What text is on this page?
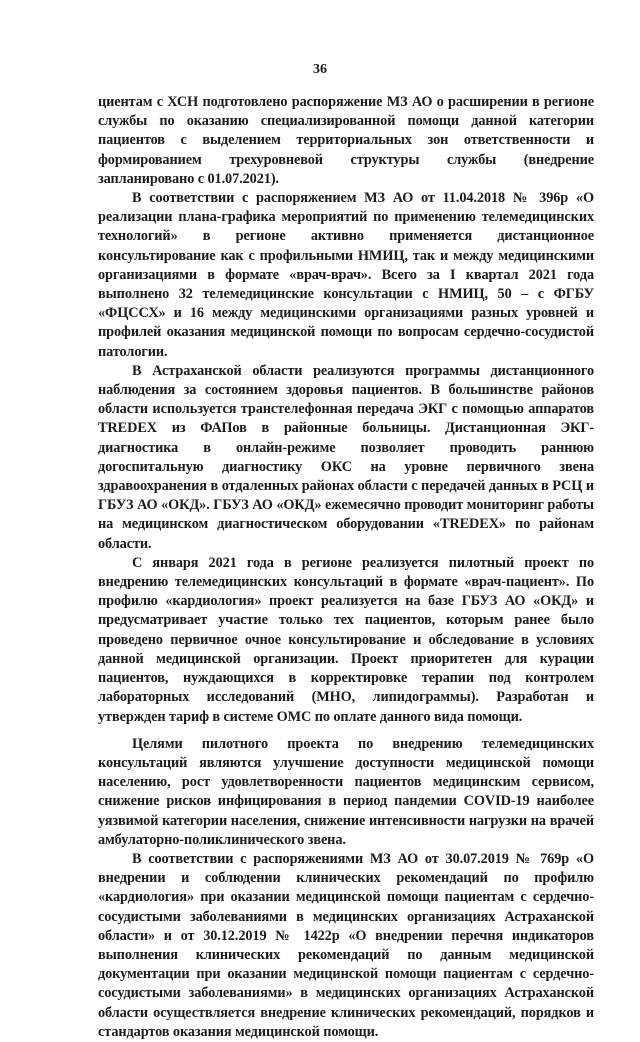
36

циентам с ХСН подготовлено распоряжение МЗ АО о расширении в регионе службы по оказанию специализированной помощи данной категории пациентов с выделением территориальных зон ответственности и формированием трехуровневой структуры службы (внедрение запланировано с 01.07.2021).

В соответствии с распоряжением МЗ АО от 11.04.2018 № 396р «О реализации плана-графика мероприятий по применению телемедицинских технологий» в регионе активно применяется дистанционное консультирование как с профильными НМИЦ, так и между медицинскими организациями в формате «врач-врач». Всего за I квартал 2021 года выполнено 32 телемедицинские консультации с НМИЦ, 50 – с ФГБУ «ФЦССХ» и 16 между медицинскими организациями разных уровней и профилей оказания медицинской помощи по вопросам сердечно-сосудистой патологии.

В Астраханской области реализуются программы дистанционного наблюдения за состоянием здоровья пациентов. В большинстве районов области используется транстелефонная передача ЭКГ с помощью аппаратов TREDEX из ФАПов в районные больницы. Дистанционная ЭКГ-диагностика в онлайн-режиме позволяет проводить раннюю догоспитальную диагностику ОКС на уровне первичного звена здравоохранения в отдаленных районах области с передачей данных в РСЦ и ГБУЗ АО «ОКД». ГБУЗ АО «ОКД» ежемесячно проводит мониторинг работы на медицинском диагностическом оборудовании «TREDEX» по районам области.

С января 2021 года в регионе реализуется пилотный проект по внедрению телемедицинских консультаций в формате «врач-пациент». По профилю «кардиология» проект реализуется на базе ГБУЗ АО «ОКД» и предусматривает участие только тех пациентов, которым ранее было проведено первичное очное консультирование и обследование в условиях данной медицинской организации. Проект приоритетен для курации пациентов, нуждающихся в корректировке терапии под контролем лабораторных исследований (МНО, липидограммы). Разработан и утвержден тариф в системе ОМС по оплате данного вида помощи.

Целями пилотного проекта по внедрению телемедицинских консультаций являются улучшение доступности медицинской помощи населению, рост удовлетворенности пациентов медицинским сервисом, снижение рисков инфицирования в период пандемии COVID-19 наиболее уязвимой категории населения, снижение интенсивности нагрузки на врачей амбулаторно-поликлинического звена.

В соответствии с распоряжениями МЗ АО от 30.07.2019 № 769р «О внедрении и соблюдении клинических рекомендаций по профилю «кардиология» при оказании медицинской помощи пациентам с сердечно-сосудистыми заболеваниями в медицинских организациях Астраханской области» и от 30.12.2019 № 1422р «О внедрении перечня индикаторов выполнения клинических рекомендаций по данным медицинской документации при оказании медицинской помощи пациентам с сердечно-сосудистыми заболеваниями» в медицинских организациях Астраханской области осуществляется внедрение клинических рекомендаций, порядков и стандартов оказания медицинской помощи.
